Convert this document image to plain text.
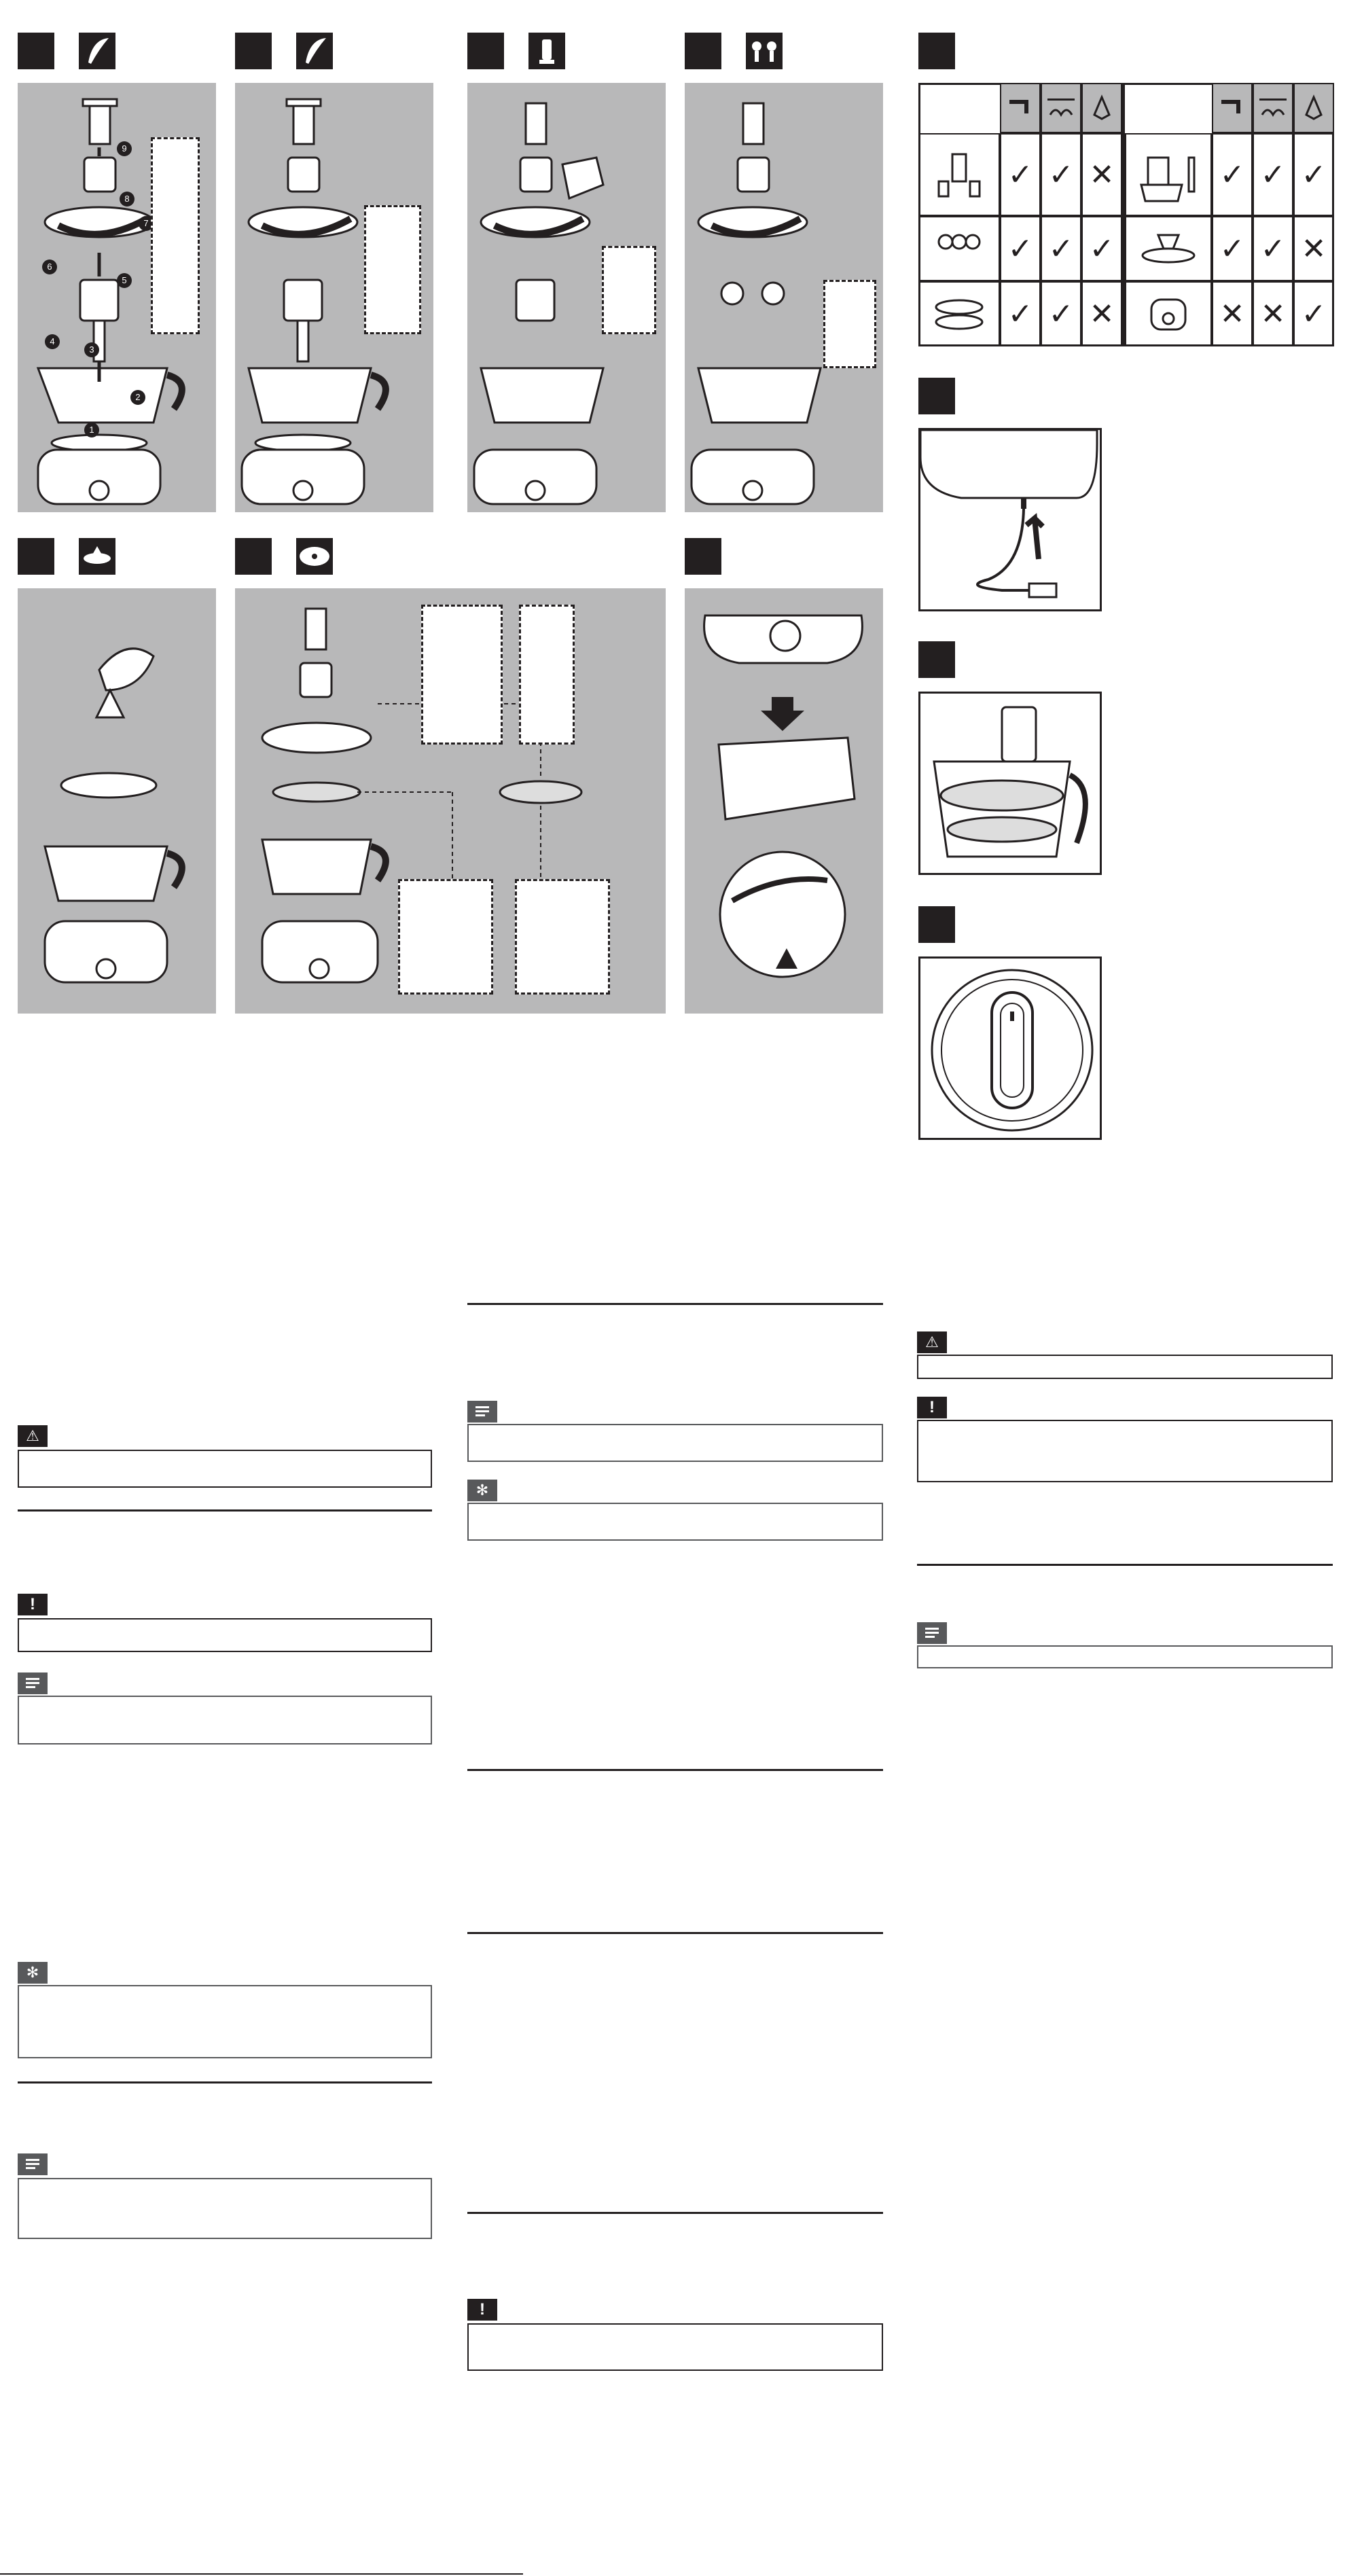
9
8
7
6
5
4
3
2
1
✓ ✓ ✕
✓ ✓ ✓
✓ ✓ ✕
✓ ✓ ✓
✓ ✓ ✕
✕ ✕ ✓
⚠
!
✻
✻
!
⚠
!
